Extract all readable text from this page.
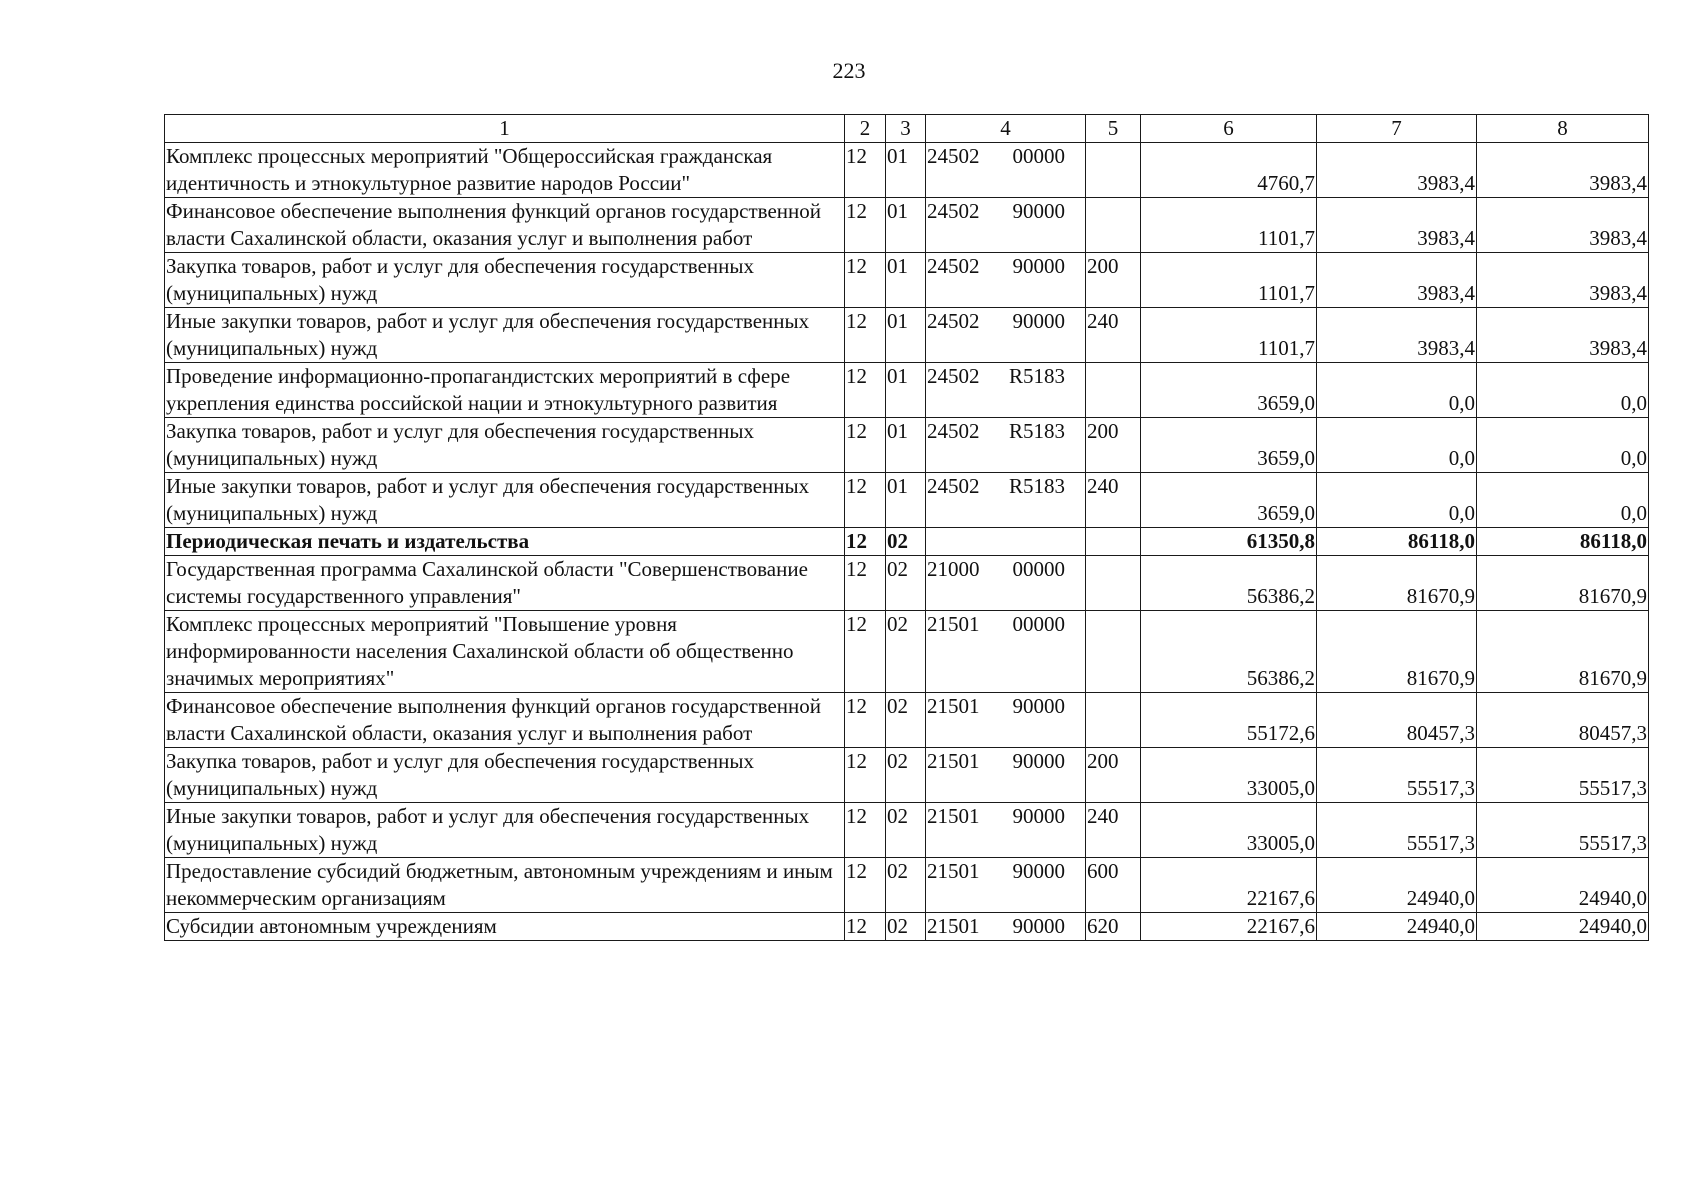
223
1	2	3	4	5	6	7	8
Комплекс процессных мероприятий "Общероссийская гражданская идентичность и этнокультурное развитие народов России"	12	01	24502 00000		4760,7	3983,4	3983,4
Финансовое обеспечение выполнения функций органов государственной власти Сахалинской области, оказания услуг и выполнения работ	12	01	24502 90000		1101,7	3983,4	3983,4
Закупка товаров, работ и услуг для обеспечения государственных (муниципальных) нужд	12	01	24502 90000	200	1101,7	3983,4	3983,4
Иные закупки товаров, работ и услуг для обеспечения государственных (муниципальных) нужд	12	01	24502 90000	240	1101,7	3983,4	3983,4
Проведение информационно-пропагандистских мероприятий в сфере укрепления единства российской нации и этнокультурного развития	12	01	24502 R5183		3659,0	0,0	0,0
Закупка товаров, работ и услуг для обеспечения государственных (муниципальных) нужд	12	01	24502 R5183	200	3659,0	0,0	0,0
Иные закупки товаров, работ и услуг для обеспечения государственных (муниципальных) нужд	12	01	24502 R5183	240	3659,0	0,0	0,0
Периодическая печать и издательства	12	02			61350,8	86118,0	86118,0
Государственная программа Сахалинской области "Совершенствование системы государственного управления"	12	02	21000 00000		56386,2	81670,9	81670,9
Комплекс процессных мероприятий "Повышение уровня информированности населения Сахалинской области об общественно значимых мероприятиях"	12	02	21501 00000		56386,2	81670,9	81670,9
Финансовое обеспечение выполнения функций органов государственной власти Сахалинской области, оказания услуг и выполнения работ	12	02	21501 90000		55172,6	80457,3	80457,3
Закупка товаров, работ и услуг для обеспечения государственных (муниципальных) нужд	12	02	21501 90000	200	33005,0	55517,3	55517,3
Иные закупки товаров, работ и услуг для обеспечения государственных (муниципальных) нужд	12	02	21501 90000	240	33005,0	55517,3	55517,3
Предоставление субсидий бюджетным, автономным учреждениям и иным некоммерческим организациям	12	02	21501 90000	600	22167,6	24940,0	24940,0
Субсидии автономным учреждениям	12	02	21501 90000	620	22167,6	24940,0	24940,0
